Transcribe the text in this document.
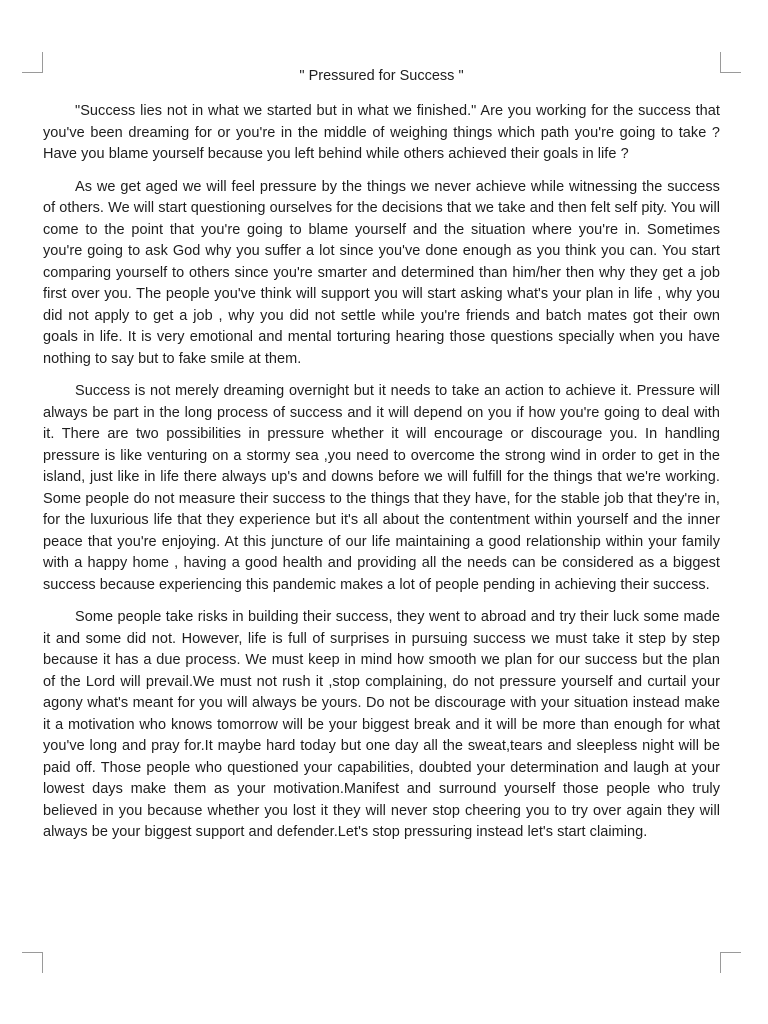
" Pressured for Success "

"Success lies not in what we started but in what we finished." Are you working for the success that you've been dreaming for or you're in the middle of weighing things which path you're going to take ? Have you blame yourself because you left behind while others achieved their goals in life ?

As we get aged we will feel pressure by the things we never achieve while witnessing the success of others. We will start questioning ourselves for the decisions that we take and then felt self pity. You will come to the point that you're going to blame yourself and the situation where you're in. Sometimes you're going to ask God why you suffer a lot since you've done enough as you think you can. You start comparing yourself to others since you're smarter and determined than him/her then why they get a job first over you. The people you've think will support you will start asking what's your plan in life , why you did not apply to get a job , why you did not settle while you're friends and batch mates got their own goals in life. It is very emotional and mental torturing hearing those questions specially when you have nothing to say but to fake smile at them.

Success is not merely dreaming overnight but it needs to take an action to achieve it. Pressure will always be part in the long process of success and it will depend on you if how you're going to deal with it. There are two possibilities in pressure whether it will encourage or discourage you. In handling pressure is like venturing on a stormy sea ,you need to overcome the strong wind in order to get in the island, just like in life there always up's and downs before we will fulfill for the things that we're working. Some people do not measure their success to the things that they have, for the stable job that they're in, for the luxurious life that they experience but it's all about the contentment within yourself and the inner peace that you're enjoying. At this juncture of our life maintaining a good relationship within your family with a happy home , having a good health and providing all the needs can be considered as a biggest success because experiencing this pandemic makes a lot of people pending in achieving their success.

Some people take risks in building their success, they went to abroad and try their luck some made it and some did not. However, life is full of surprises in pursuing success we must take it step by step because it has a due process. We must keep in mind how smooth we plan for our success but the plan of the Lord will prevail.We must not rush it ,stop complaining, do not pressure yourself and curtail your agony what's meant for you will always be yours. Do not be discourage with your situation instead make it a motivation who knows tomorrow will be your biggest break and it will be more than enough for what you've long and pray for.It maybe hard today but one day all the sweat,tears and sleepless night will be paid off. Those people who questioned your capabilities, doubted your determination and laugh at your lowest days make them as your motivation.Manifest and surround yourself those people who truly believed in you because whether you lost it they will never stop cheering you to try over again they will always be your biggest support and defender.Let's stop pressuring instead let's start claiming.
